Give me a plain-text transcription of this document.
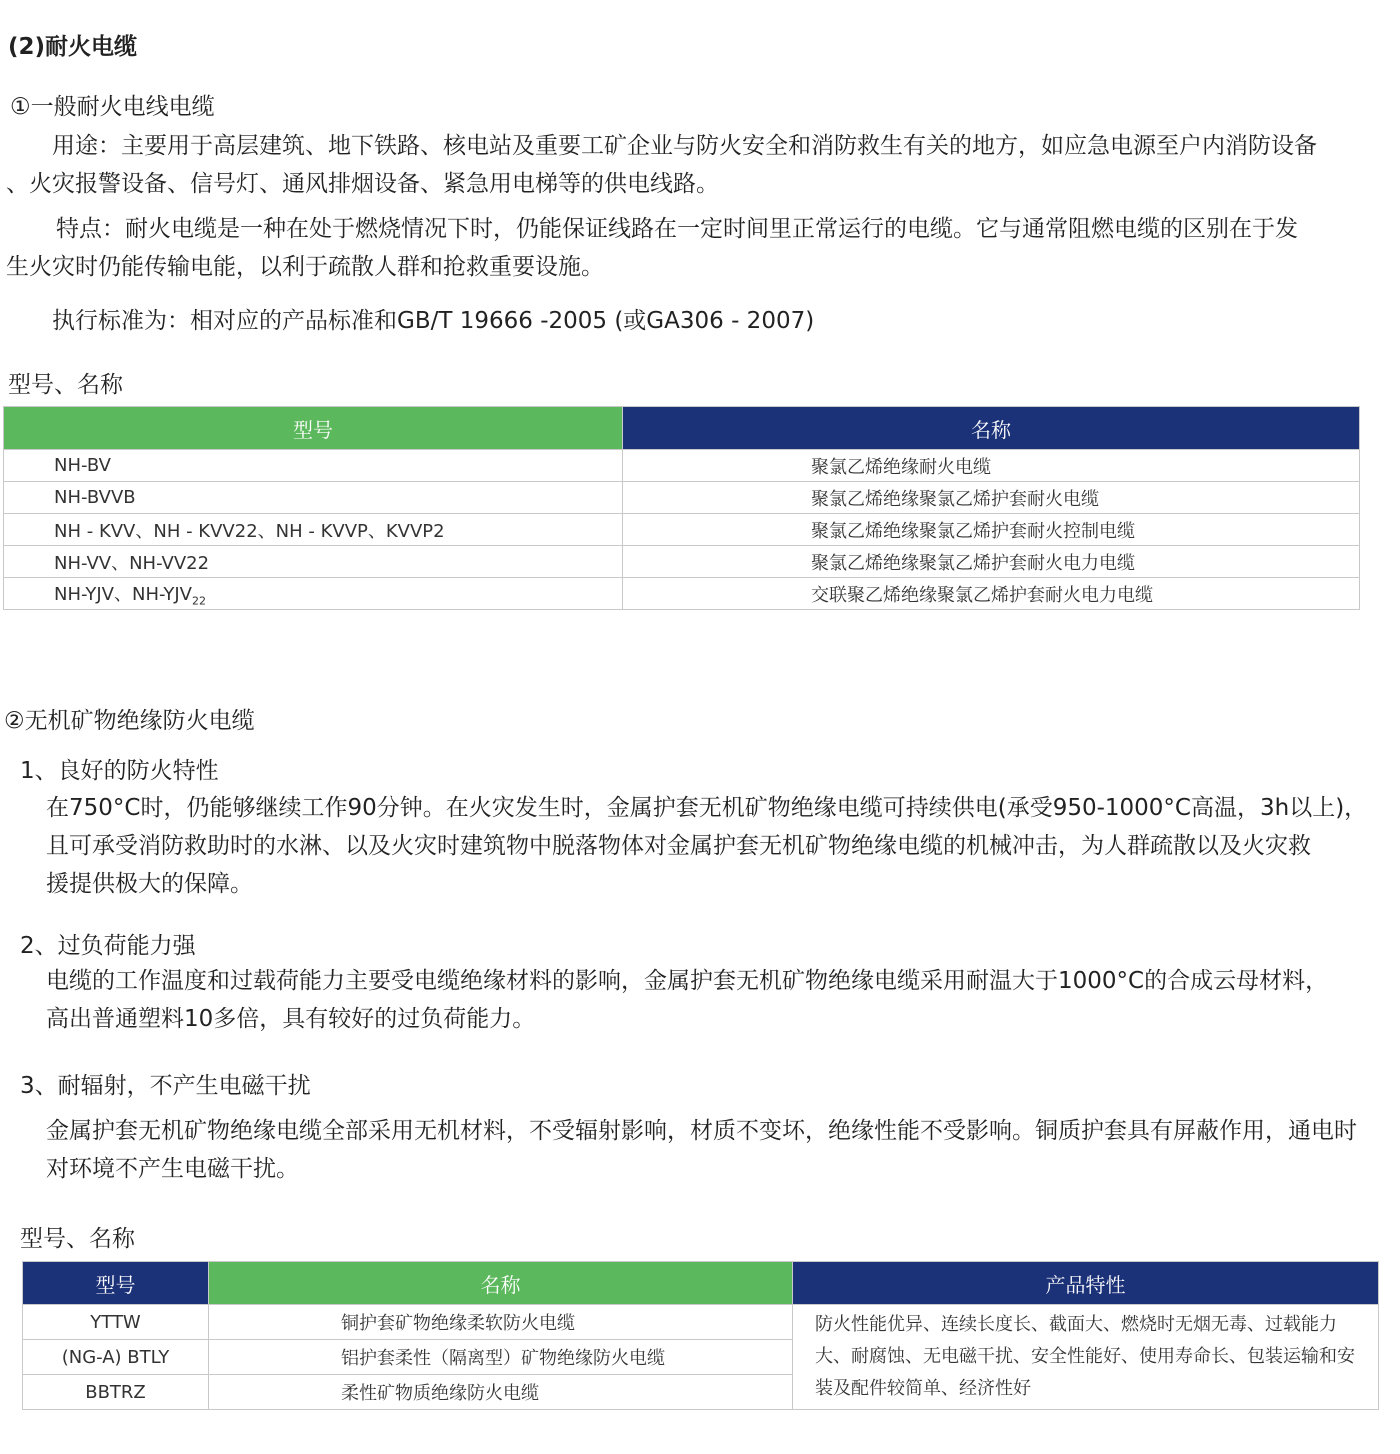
(2)耐火电缆
①一般耐火电线电缆
用途：主要用于高层建筑、地下铁路、核电站及重要工矿企业与防火安全和消防救生有关的地方，如应急电源至户内消防设备
、火灾报警设备、信号灯、通风排烟设备、紧急用电梯等的供电线路。
特点：耐火电缆是一种在处于燃烧情况下时，仍能保证线路在一定时间里正常运行的电缆。它与通常阻燃电缆的区别在于发
生火灾时仍能传输电能，以利于疏散人群和抢救重要设施。
执行标准为：相对应的产品标准和GB/T 19666 -2005 (或GA306 - 2007)
型号、名称
型号	名称
NH-BV	聚氯乙烯绝缘耐火电缆
NH-BVVB	聚氯乙烯绝缘聚氯乙烯护套耐火电缆
NH - KVV、NH - KVV22、NH - KVVP、KVVP2	聚氯乙烯绝缘聚氯乙烯护套耐火控制电缆
NH-VV、NH-VV22	聚氯乙烯绝缘聚氯乙烯护套耐火电力电缆
NH-YJV、$NH-YJV_{22}$	交联聚乙烯绝缘聚氯乙烯护套耐火电力电缆
②无机矿物绝缘防火电缆
1、良好的防火特性
在750°C时，仍能够继续工作90分钟。在火灾发生时，金属护套无机矿物绝缘电缆可持续供电(承受950-1000°C高温，3h以上)，
且可承受消防救助时的水淋、以及火灾时建筑物中脱落物体对金属护套无机矿物绝缘电缆的机械冲击，为人群疏散以及火灾救
援提供极大的保障。
2、过负荷能力强
电缆的工作温度和过载荷能力主要受电缆绝缘材料的影响，金属护套无机矿物绝缘电缆采用耐温大于1000°C的合成云母材料，
高出普通塑料10多倍，具有较好的过负荷能力。
3、耐辐射，不产生电磁干扰
金属护套无机矿物绝缘电缆全部采用无机材料，不受辐射影响，材质不变坏，绝缘性能不受影响。铜质护套具有屏蔽作用，通电时
对环境不产生电磁干扰。
型号、名称
型号	名称	产品特性
YTTW	铜护套矿物绝缘柔软防火电缆	防火性能优异、连续长度长、截面大、燃烧时无烟无毒、过载能力大、耐腐蚀、无电磁干扰、安全性能好、使用寿命长、包装运输和安装及配件较简单、经济性好
(NG-A) BTLY	铝护套柔性（隔离型）矿物绝缘防火电缆	
BBTRZ	柔性矿物质绝缘防火电缆	
